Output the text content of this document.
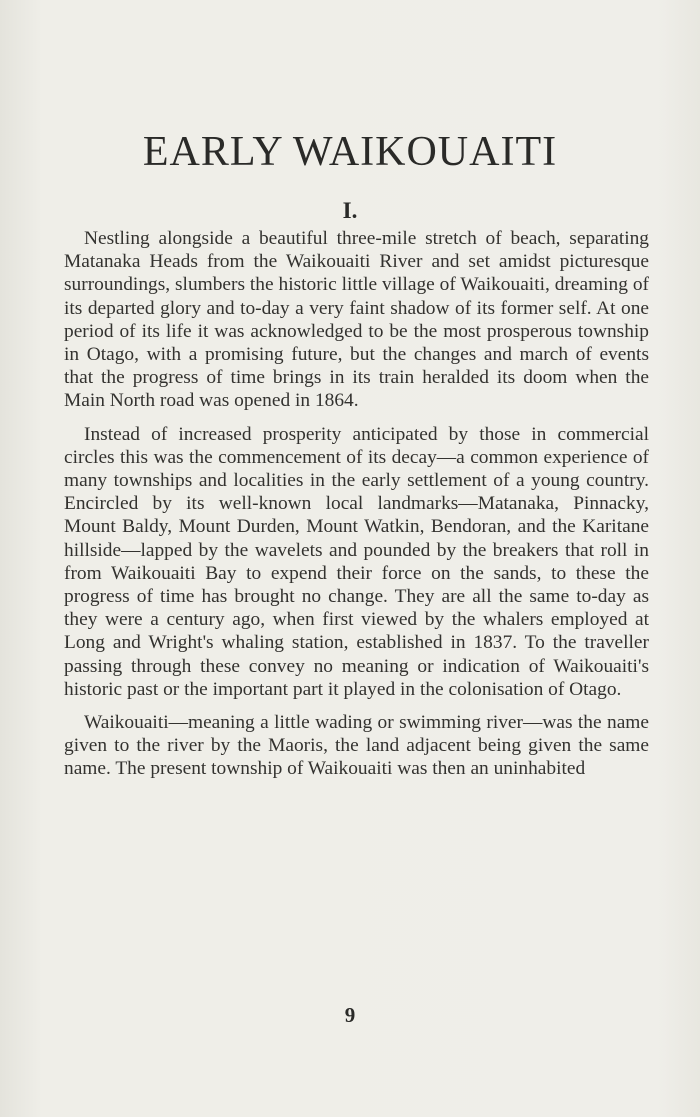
EARLY WAIKOUAITI
I.

Nestling alongside a beautiful three-mile stretch of beach, separating Matanaka Heads from the Waikouaiti River and set amidst picturesque surroundings, slumbers the historic little village of Waikouaiti, dreaming of its departed glory and to-day a very faint shadow of its former self. At one period of its life it was acknowledged to be the most prosperous township in Otago, with a promising future, but the changes and march of events that the progress of time brings in its train heralded its doom when the Main North road was opened in 1864.

Instead of increased prosperity anticipated by those in commercial circles this was the commencement of its decay—a common experience of many townships and localities in the early settlement of a young country. Encircled by its well-known local landmarks—Matanaka, Pinnacky, Mount Baldy, Mount Durden, Mount Watkin, Bendoran, and the Karitane hillside—lapped by the wavelets and pounded by the breakers that roll in from Waikouaiti Bay to expend their force on the sands, to these the progress of time has brought no change. They are all the same to-day as they were a century ago, when first viewed by the whalers employed at Long and Wright's whaling station, established in 1837. To the traveller passing through these convey no meaning or indication of Waikouaiti's historic past or the important part it played in the colonisation of Otago.

Waikouaiti—meaning a little wading or swimming river—was the name given to the river by the Maoris, the land adjacent being given the same name. The present township of Waikouaiti was then an uninhabited

9
